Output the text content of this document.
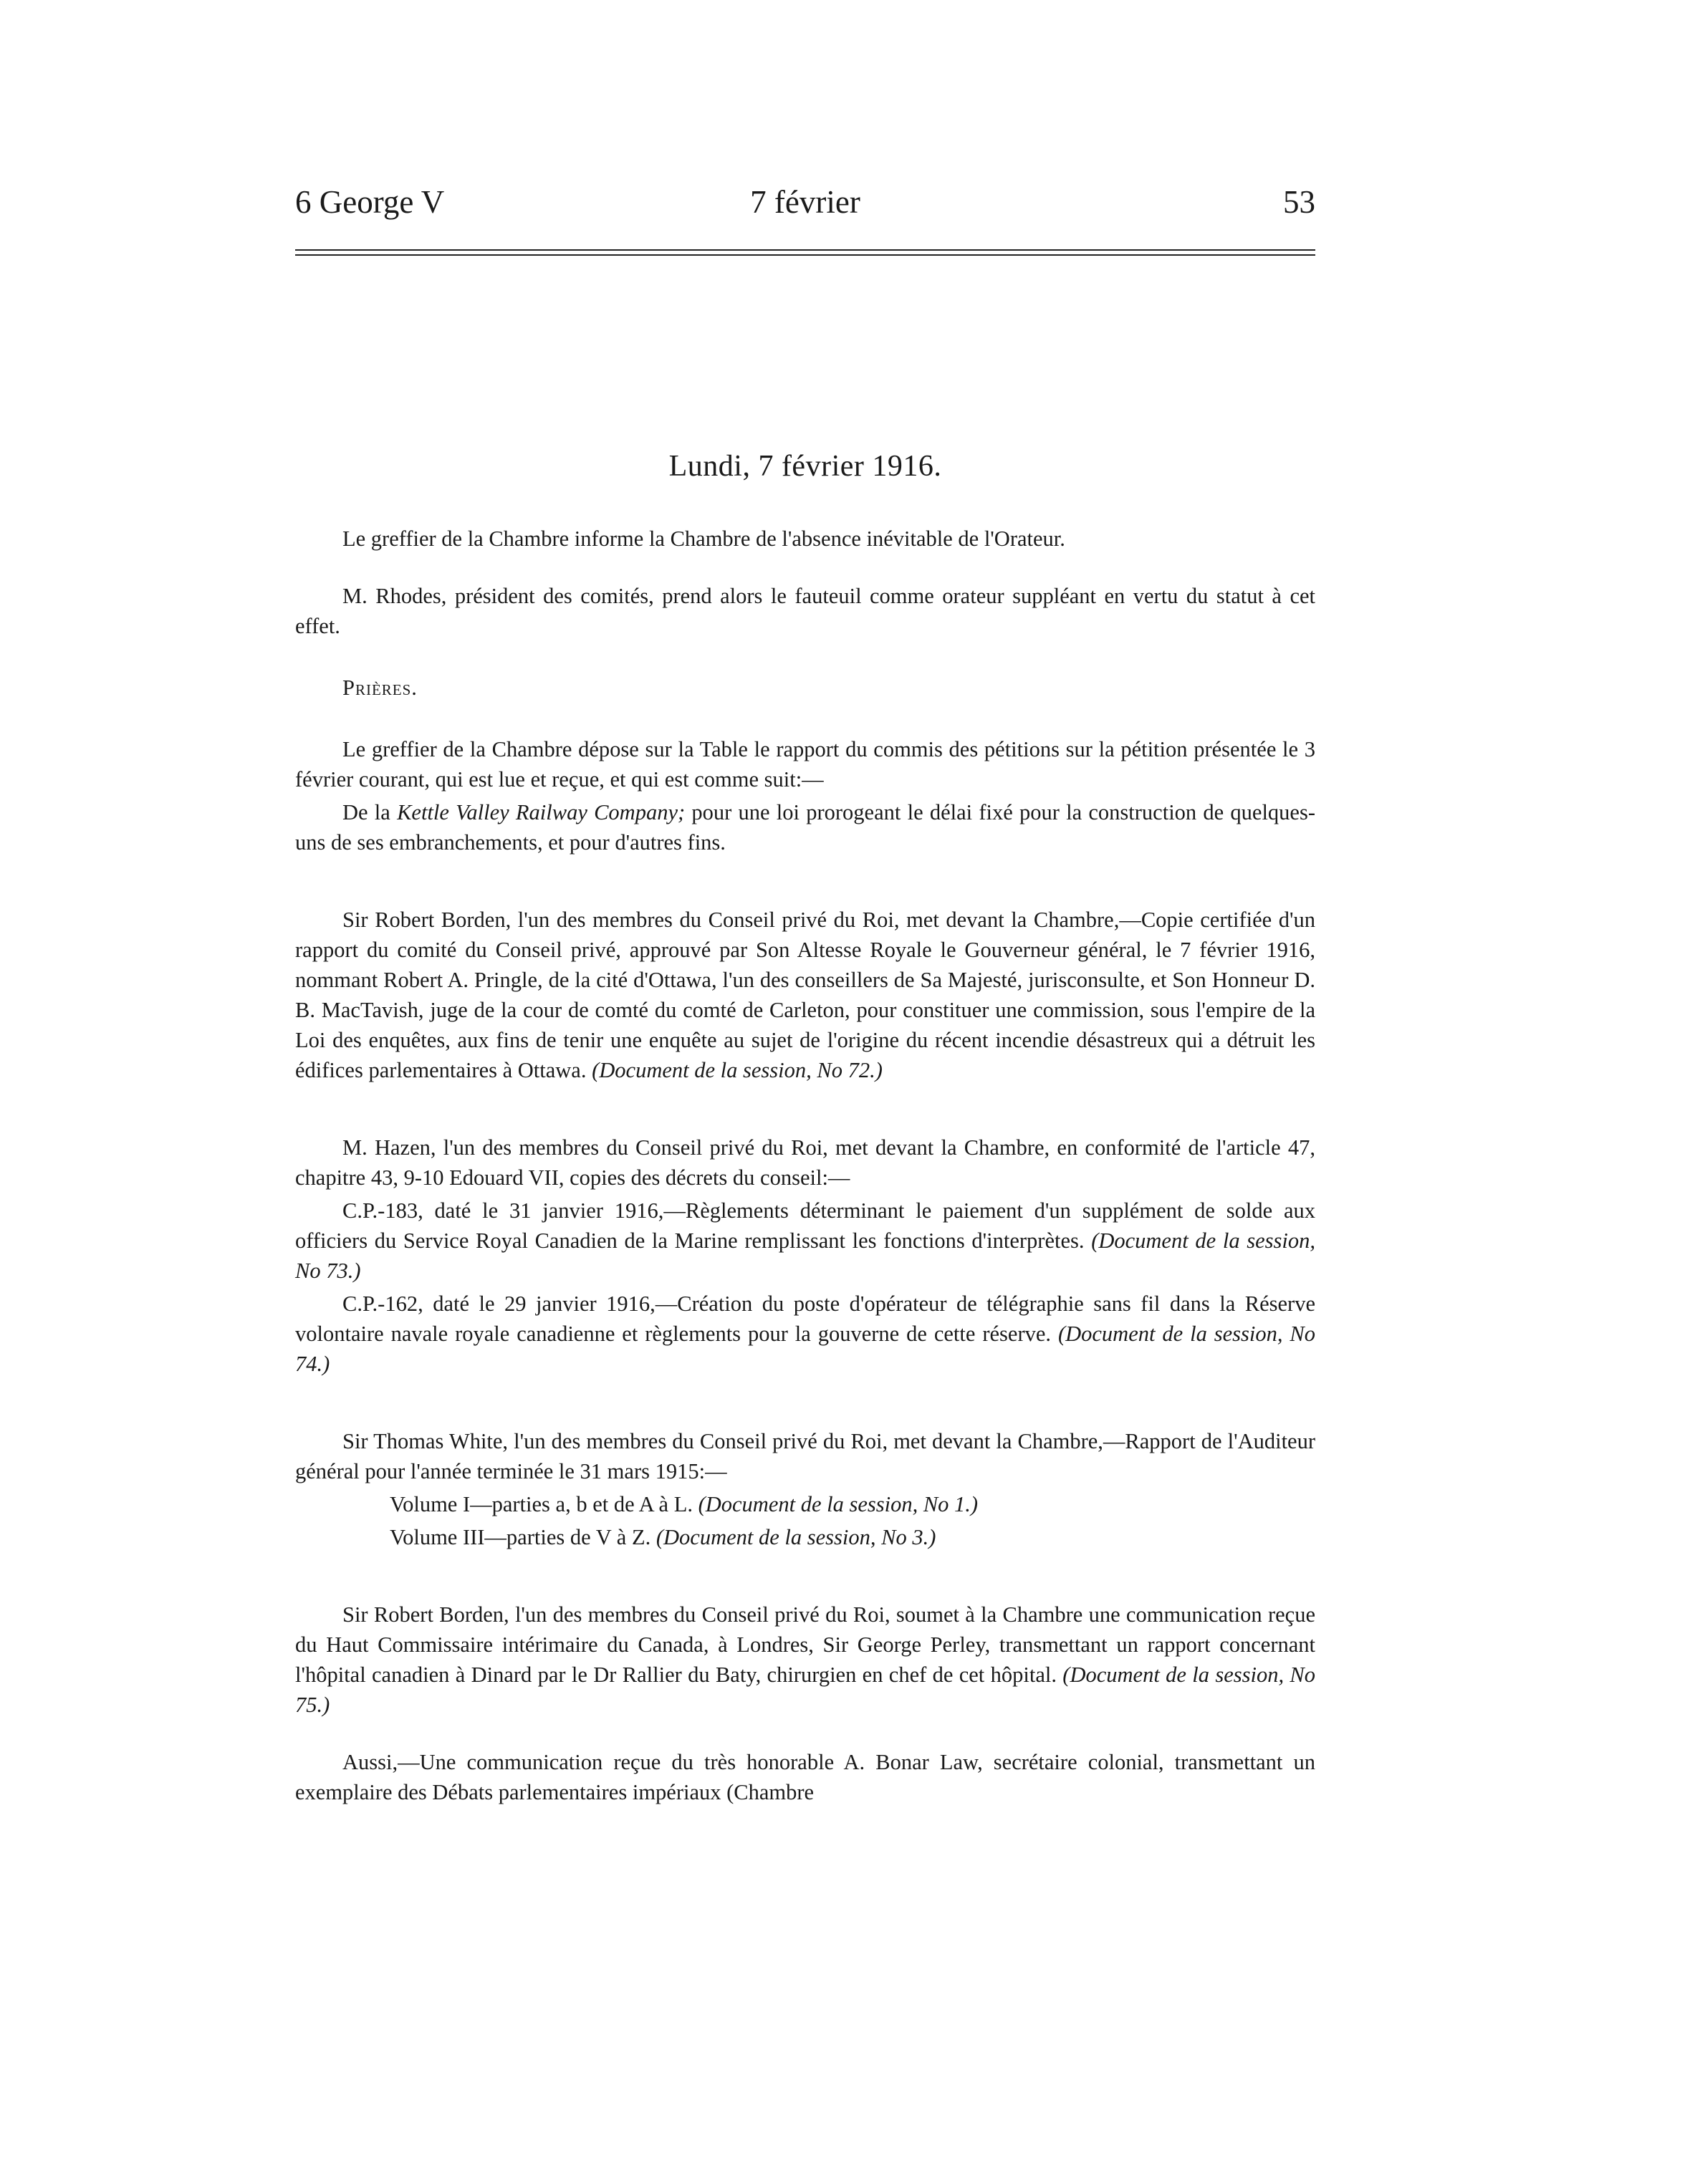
6 George V	7 février	53
Lundi, 7 février 1916.

Le greffier de la Chambre informe la Chambre de l'absence inévitable de l'Orateur.

M. Rhodes, président des comités, prend alors le fauteuil comme orateur suppléant en vertu du statut à cet effet.

Prières.

Le greffier de la Chambre dépose sur la Table le rapport du commis des pétitions sur la pétition présentée le 3 février courant, qui est lue et reçue, et qui est comme suit:—

De la Kettle Valley Railway Company; pour une loi prorogeant le délai fixé pour la construction de quelques-uns de ses embranchements, et pour d'autres fins.

Sir Robert Borden, l'un des membres du Conseil privé du Roi, met devant la Chambre,—Copie certifiée d'un rapport du comité du Conseil privé, approuvé par Son Altesse Royale le Gouverneur général, le 7 février 1916, nommant Robert A. Pringle, de la cité d'Ottawa, l'un des conseillers de Sa Majesté, jurisconsulte, et Son Honneur D. B. MacTavish, juge de la cour de comté du comté de Carleton, pour constituer une commission, sous l'empire de la Loi des enquêtes, aux fins de tenir une enquête au sujet de l'origine du récent incendie désastreux qui a détruit les édifices parlementaires à Ottawa. (Document de la session, No 72.)

M. Hazen, l'un des membres du Conseil privé du Roi, met devant la Chambre, en conformité de l'article 47, chapitre 43, 9-10 Edouard VII, copies des décrets du conseil:—

C.P.-183, daté le 31 janvier 1916,—Règlements déterminant le paiement d'un supplément de solde aux officiers du Service Royal Canadien de la Marine remplissant les fonctions d'interprètes. (Document de la session, No 73.)

C.P.-162, daté le 29 janvier 1916,—Création du poste d'opérateur de télégraphie sans fil dans la Réserve volontaire navale royale canadienne et règlements pour la gouverne de cette réserve. (Document de la session, No 74.)

Sir Thomas White, l'un des membres du Conseil privé du Roi, met devant la Chambre,—Rapport de l'Auditeur général pour l'année terminée le 31 mars 1915:—

Volume I—parties a, b et de A à L. (Document de la session, No 1.)

Volume III—parties de V à Z. (Document de la session, No 3.)

Sir Robert Borden, l'un des membres du Conseil privé du Roi, soumet à la Chambre une communication reçue du Haut Commissaire intérimaire du Canada, à Londres, Sir George Perley, transmettant un rapport concernant l'hôpital canadien à Dinard par le Dr Rallier du Baty, chirurgien en chef de cet hôpital. (Document de la session, No 75.)

Aussi,—Une communication reçue du très honorable A. Bonar Law, secrétaire colonial, transmettant un exemplaire des Débats parlementaires impériaux (Chambre
